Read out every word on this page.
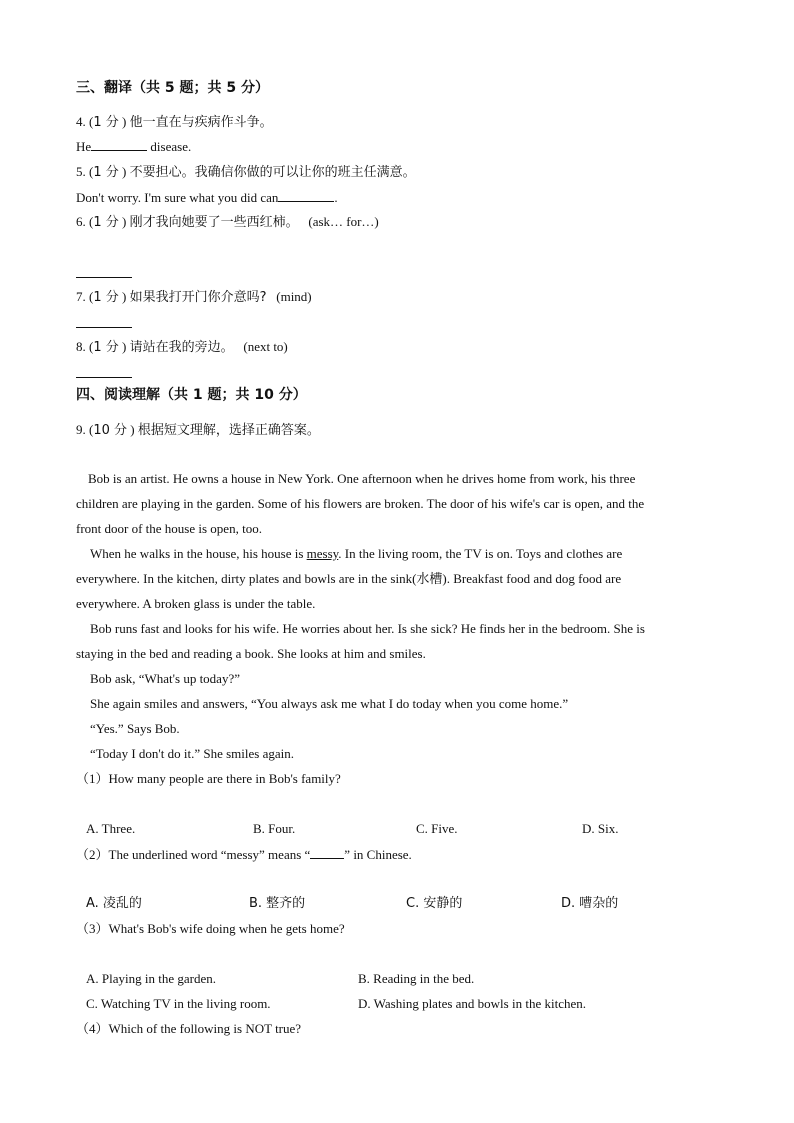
三、翻译（共 5 题；共 5 分）
4. (1 分 ) 他一直在与疾病作斗争。
He	disease.
5. (1 分 ) 不要担心。我确信你做的可以让你的班主任满意。
Don't worry. I'm sure what you did can	.
6. (1 分 ) 刚才我向她要了一些西红柿。 (ask… for…)
7. (1 分 ) 如果我打开门你介意吗? (mind)
8. (1 分 ) 请站在我的旁边。 (next to)
四、阅读理解（共 1 题；共 10 分）
9. (10 分 ) 根据短文理解，选择正确答案。
Bob is an artist. He owns a house in New York. One afternoon when he drives home from work, his three
children are playing in the garden. Some of his flowers are broken. The door of his wife's car is open, and the
front door of the house is open, too.
When he walks in the house, his house is messy. In the living room, the TV is on. Toys and clothes are
everywhere. In the kitchen, dirty plates and bowls are in the sink(水槽). Breakfast food and dog food are
everywhere. A broken glass is under the table.
Bob runs fast and looks for his wife. He worries about her. Is she sick? He finds her in the bedroom. She is
staying in the bed and reading a book. She looks at him and smiles.
Bob ask, “What's up today?”
She again smiles and answers, “You always ask me what I do today when you come home.”
“Yes.” Says Bob.
“Today I don't do it.” She smiles again.
（1）How many people are there in Bob's family?
A. Three.	B. Four.	C. Five.	D. Six.
（2）The underlined word “messy” means “	” in Chinese.
A. 凌乱的	B. 整齐的	C. 安静的	D. 嘈杂的
（3）What's Bob's wife doing when he gets home?
A. Playing in the garden.	B. Reading in the bed.
C. Watching TV in the living room.	D. Washing plates and bowls in the kitchen.
（4）Which of the following is NOT true?
